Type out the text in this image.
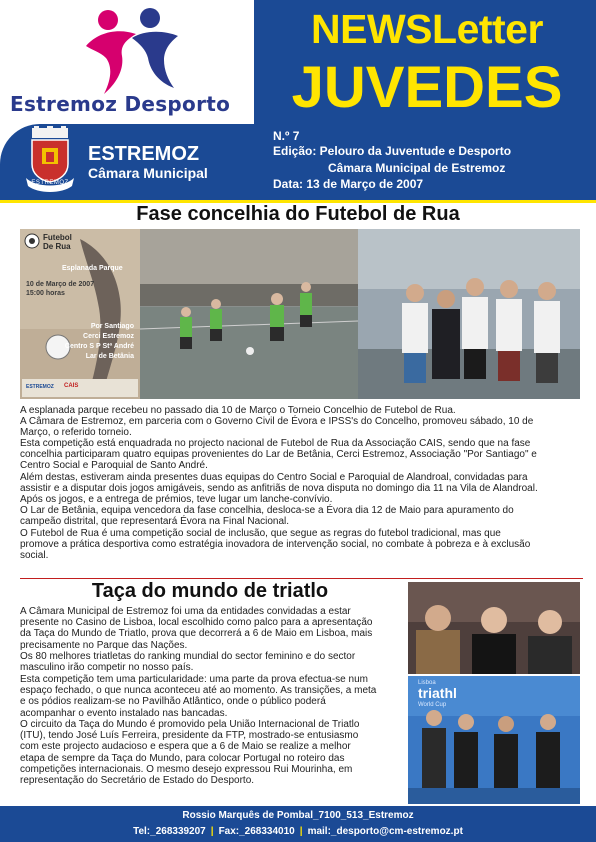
Estremoz Desporto
NEWSLetter
JUVEDES
ESTREMOZ
ESTREMOZ
Câmara Municipal
N.º 7
Edição: Pelouro da Juventude e Desporto
Câmara Municipal de Estremoz
Data: 13 de Março de 2007
Fase concelhia do Futebol de Rua
Futebol
De Rua
Esplanada Parque
10 de Março de 2007
15:00 horas
Por Santiago
Cerci Estremoz
Centro S P Stª André
Lar de Betânia
ESTREMOZ CAIS

A esplanada parque recebeu no passado dia 10 de Março o Torneio Concelhio de Futebol de Rua.

A Câmara de Estremoz, em parceria com o Governo Civil de Évora e IPSS's do Concelho, promoveu sábado, 10 de
Março, o referido torneio.

Esta competição está enquadrada no projecto nacional de Futebol de Rua da Associação CAIS, sendo que na fase
concelhia participaram quatro equipas provenientes do Lar de Betânia, Cerci Estremoz, Associação "Por Santiago" e
Centro Social e Paroquial de Santo André.

Além destas, estiveram ainda presentes duas equipas do Centro Social e Paroquial de Alandroal, convidadas para
assistir e a disputar dois jogos amigáveis, sendo as anfitriãs de nova disputa no domingo dia 11 na Vila de Alandroal.

Após os jogos, e a entrega de prémios, teve lugar um lanche-convívio.

O Lar de Betânia, equipa vencedora da fase concelhia, desloca-se a Évora dia 12 de Maio para apuramento do
campeão distrital, que representará Évora na Final Nacional.

O Futebol de Rua é uma competição social de inclusão, que segue as regras do futebol tradicional, mas que
promove a prática desportiva como estratégia inovadora de intervenção social, no combate à pobreza e à exclusão
social.

Taça do mundo de triatlo

A Câmara Municipal de Estremoz foi uma da entidades convidadas a estar
presente no Casino de Lisboa, local escolhido como palco para a apresentação
da Taça do Mundo de Triatlo, prova que decorrerá a 6 de Maio em Lisboa, mais
precisamente no Parque das Nações.

Os 80 melhores triatletas do ranking mundial do sector feminino e do sector
masculino irão competir no nosso país.

Esta competição tem uma particularidade: uma parte da prova efectua-se num
espaço fechado, o que nunca aconteceu até ao momento. As transições, a meta
e os pódios realizam-se no Pavilhão Atlântico, onde o público poderá
acompanhar o evento instalado nas bancadas.

O circuito da Taça do Mundo é promovido pela União Internacional de Triatlo
(ITU), tendo José Luís Ferreira, presidente da FTP, mostrado-se entusiasmo
com este projecto audacioso e espera que a 6 de Maio se realize a melhor
etapa de sempre da Taça do Mundo, para colocar Portugal no roteiro das
competições internacionais. O mesmo desejo expressou Rui Mourinha, em
representação do Secretário de Estado do Desporto.

Lisboa
triathl
World Cup
Rossio Marquês de Pombal_7100_513_Estremoz
Tel:_268339207 | Fax:_268334010 | mail:_desporto@cm-estremoz.pt
